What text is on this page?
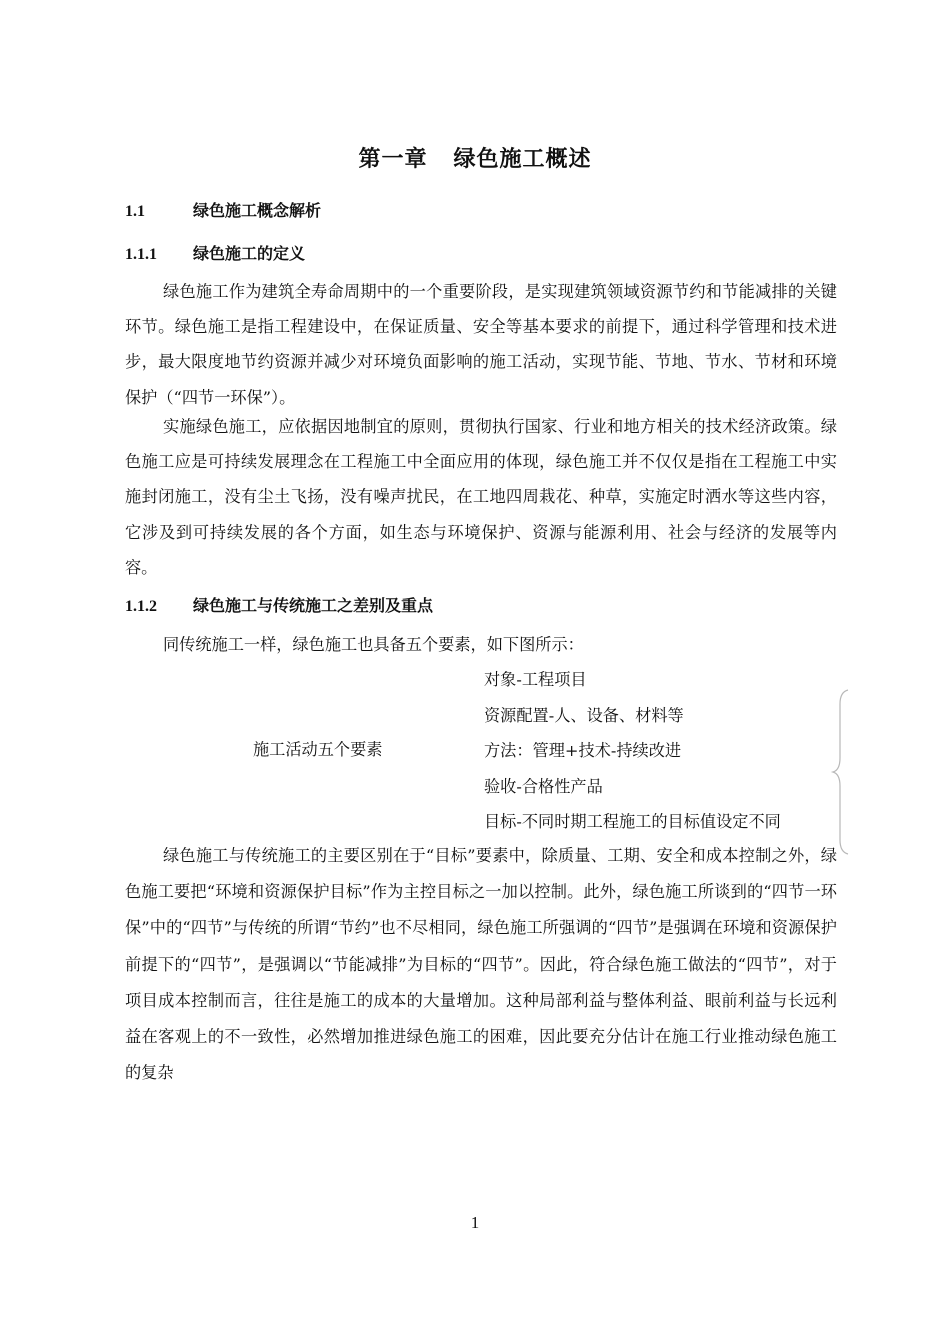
第一章 绿色施工概述
1.1	绿色施工概念解析
1.1.1 绿色施工的定义

绿色施工作为建筑全寿命周期中的一个重要阶段，是实现建筑领域资源节约和节能减排的关键环节。绿色施工是指工程建设中，在保证质量、安全等基本要求的前提下，通过科学管理和技术进步，最大限度地节约资源并减少对环境负面影响的施工活动，实现节能、节地、节水、节材和环境保护（“四节一环保”）。

实施绿色施工，应依据因地制宜的原则，贯彻执行国家、行业和地方相关的技术经济政策。绿色施工应是可持续发展理念在工程施工中全面应用的体现，绿色施工并不仅仅是指在工程施工中实施封闭施工，没有尘土飞扬，没有噪声扰民，在工地四周栽花、种草，实施定时洒水等这些内容，它涉及到可持续发展的各个方面，如生态与环境保护、资源与能源利用、社会与经济的发展等内容。

1.1.2 绿色施工与传统施工之差别及重点

同传统施工一样，绿色施工也具备五个要素，如下图所示：

施工活动五个要素
对象-工程项目
资源配置-人、设备、材料等
方法：管理+技术-持续改进
验收-合格性产品
目标-不同时期工程施工的目标值设定不同

绿色施工与传统施工的主要区别在于“目标”要素中，除质量、工期、安全和成本控制之外，绿色施工要把“环境和资源保护目标”作为主控目标之一加以控制。此外，绿色施工所谈到的“四节一环保”中的“四节”与传统的所谓“节约”也不尽相同，绿色施工所强调的“四节”是强调在环境和资源保护前提下的“四节”，是强调以“节能减排”为目标的“四节”。因此，符合绿色施工做法的“四节”，对于项目成本控制而言，往往是施工的成本的大量增加。这种局部利益与整体利益、眼前利益与长远利益在客观上的不一致性，必然增加推进绿色施工的困难，因此要充分估计在施工行业推动绿色施工的复杂

1
